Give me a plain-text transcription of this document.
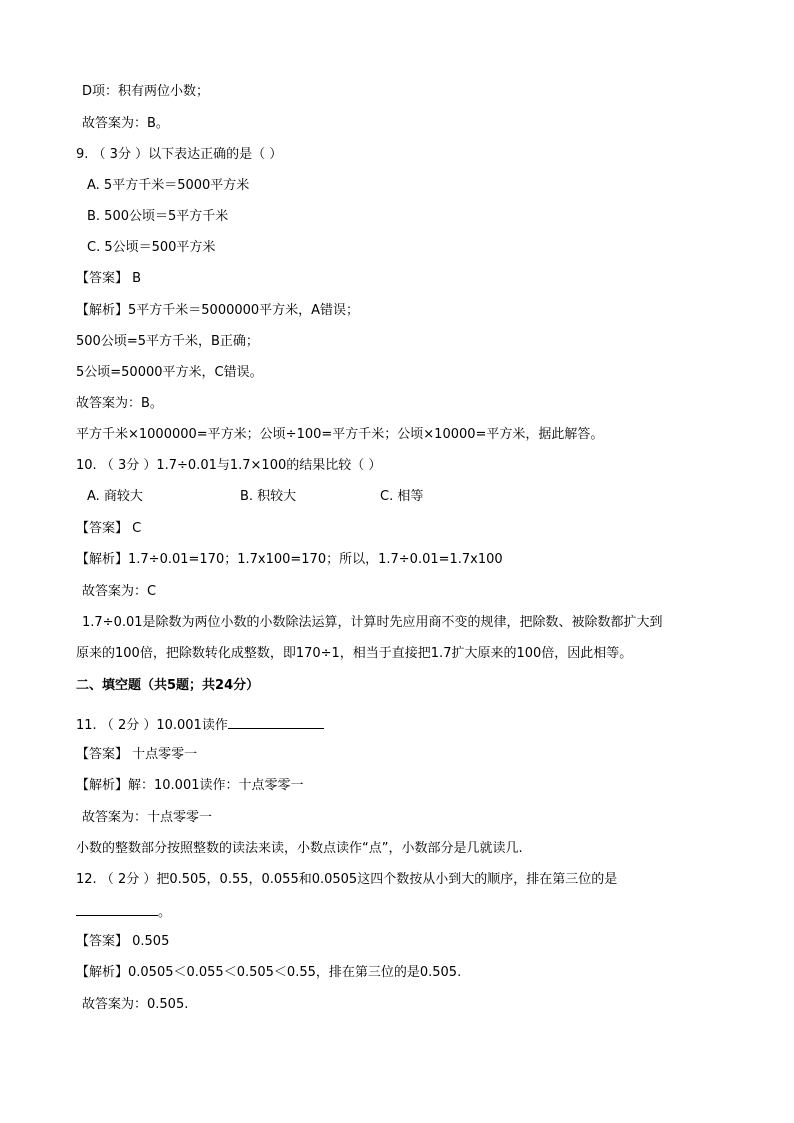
D项：积有两位小数；
故答案为：B。
9. （ 3分 ）以下表达正确的是（ ）
A. 5平方千米＝5000平方米
B. 500公顷＝5平方千米
C. 5公顷＝500平方米
【答案】 B
【解析】5平方千米＝5000000平方米，A错误；
500公顷=5平方千米，B正确；
5公顷=50000平方米，C错误。
故答案为：B。
平方千米×1000000=平方米；公顷÷100=平方千米；公顷×10000=平方米，据此解答。
10. （ 3分 ）1.7÷0.01与1.7×100的结果比较（ ）
A. 商较大	B. 积较大	C. 相等
【答案】 C
【解析】1.7÷0.01=170；1.7x100=170；所以，1.7÷0.01=1.7x100
故答案为：C
1.7÷0.01是除数为两位小数的小数除法运算，计算时先应用商不变的规律，把除数、被除数都扩大到
原来的100倍，把除数转化成整数，即170÷1，相当于直接把1.7扩大原来的100倍，因此相等。
二、填空题（共5题；共24分）
11. （ 2分 ）10.001读作
【答案】 十点零零一
【解析】解：10.001读作：十点零零一
故答案为：十点零零一
小数的整数部分按照整数的读法来读，小数点读作“点”，小数部分是几就读几.
12. （ 2分 ）把0.505，0.55，0.055和0.0505这四个数按从小到大的顺序，排在第三位的是
。
【答案】 0.505
【解析】0.0505＜0.055＜0.505＜0.55，排在第三位的是0.505.
故答案为：0.505.
